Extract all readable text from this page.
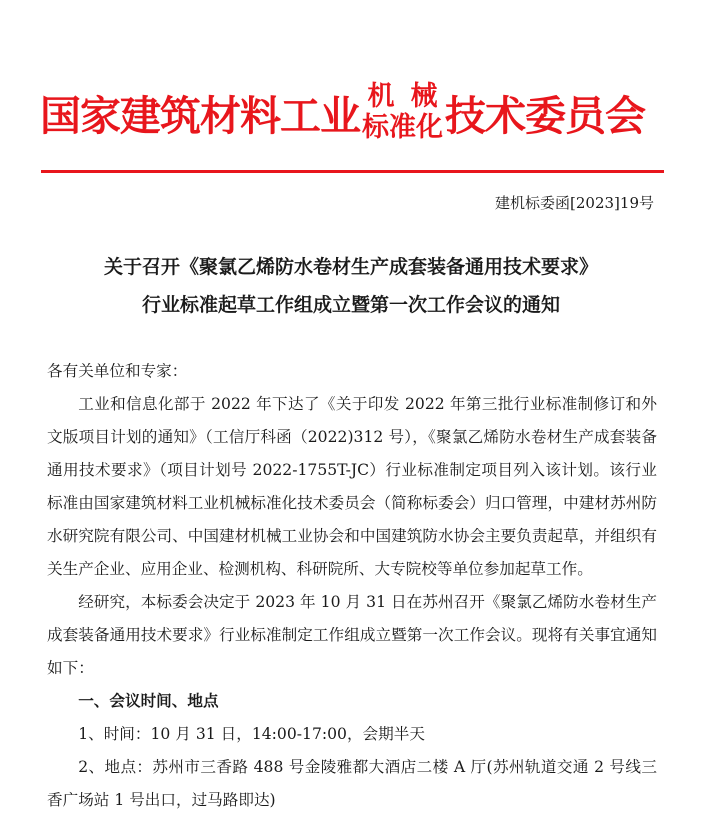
国家建筑材料工业 机械
标准化 技术委员会
建机标委函[2023]19号
关于召开《聚氯乙烯防水卷材生产成套装备通用技术要求》
行业标准起草工作组成立暨第一次工作会议的通知

各有关单位和专家：

工业和信息化部于 2022 年下达了《关于印发 2022 年第三批行业标准制修订和外文版项目计划的通知》（工信厅科函（2022)312 号），《聚氯乙烯防水卷材生产成套装备通用技术要求》（项目计划号 2022-1755T-JC）行业标准制定项目列入该计划。该行业标准由国家建筑材料工业机械标准化技术委员会（简称标委会）归口管理，中建材苏州防水研究院有限公司、中国建材机械工业协会和中国建筑防水协会主要负责起草，并组织有关生产企业、应用企业、检测机构、科研院所、大专院校等单位参加起草工作。

经研究，本标委会决定于 2023 年 10 月 31 日在苏州召开《聚氯乙烯防水卷材生产成套装备通用技术要求》行业标准制定工作组成立暨第一次工作会议。现将有关事宜通知如下：

一、会议时间、地点

1、时间：10 月 31 日，14:00-17:00，会期半天

2、地点：苏州市三香路 488 号金陵雅都大酒店二楼 A 厅(苏州轨道交通 2 号线三香广场站 1 号出口，过马路即达)
